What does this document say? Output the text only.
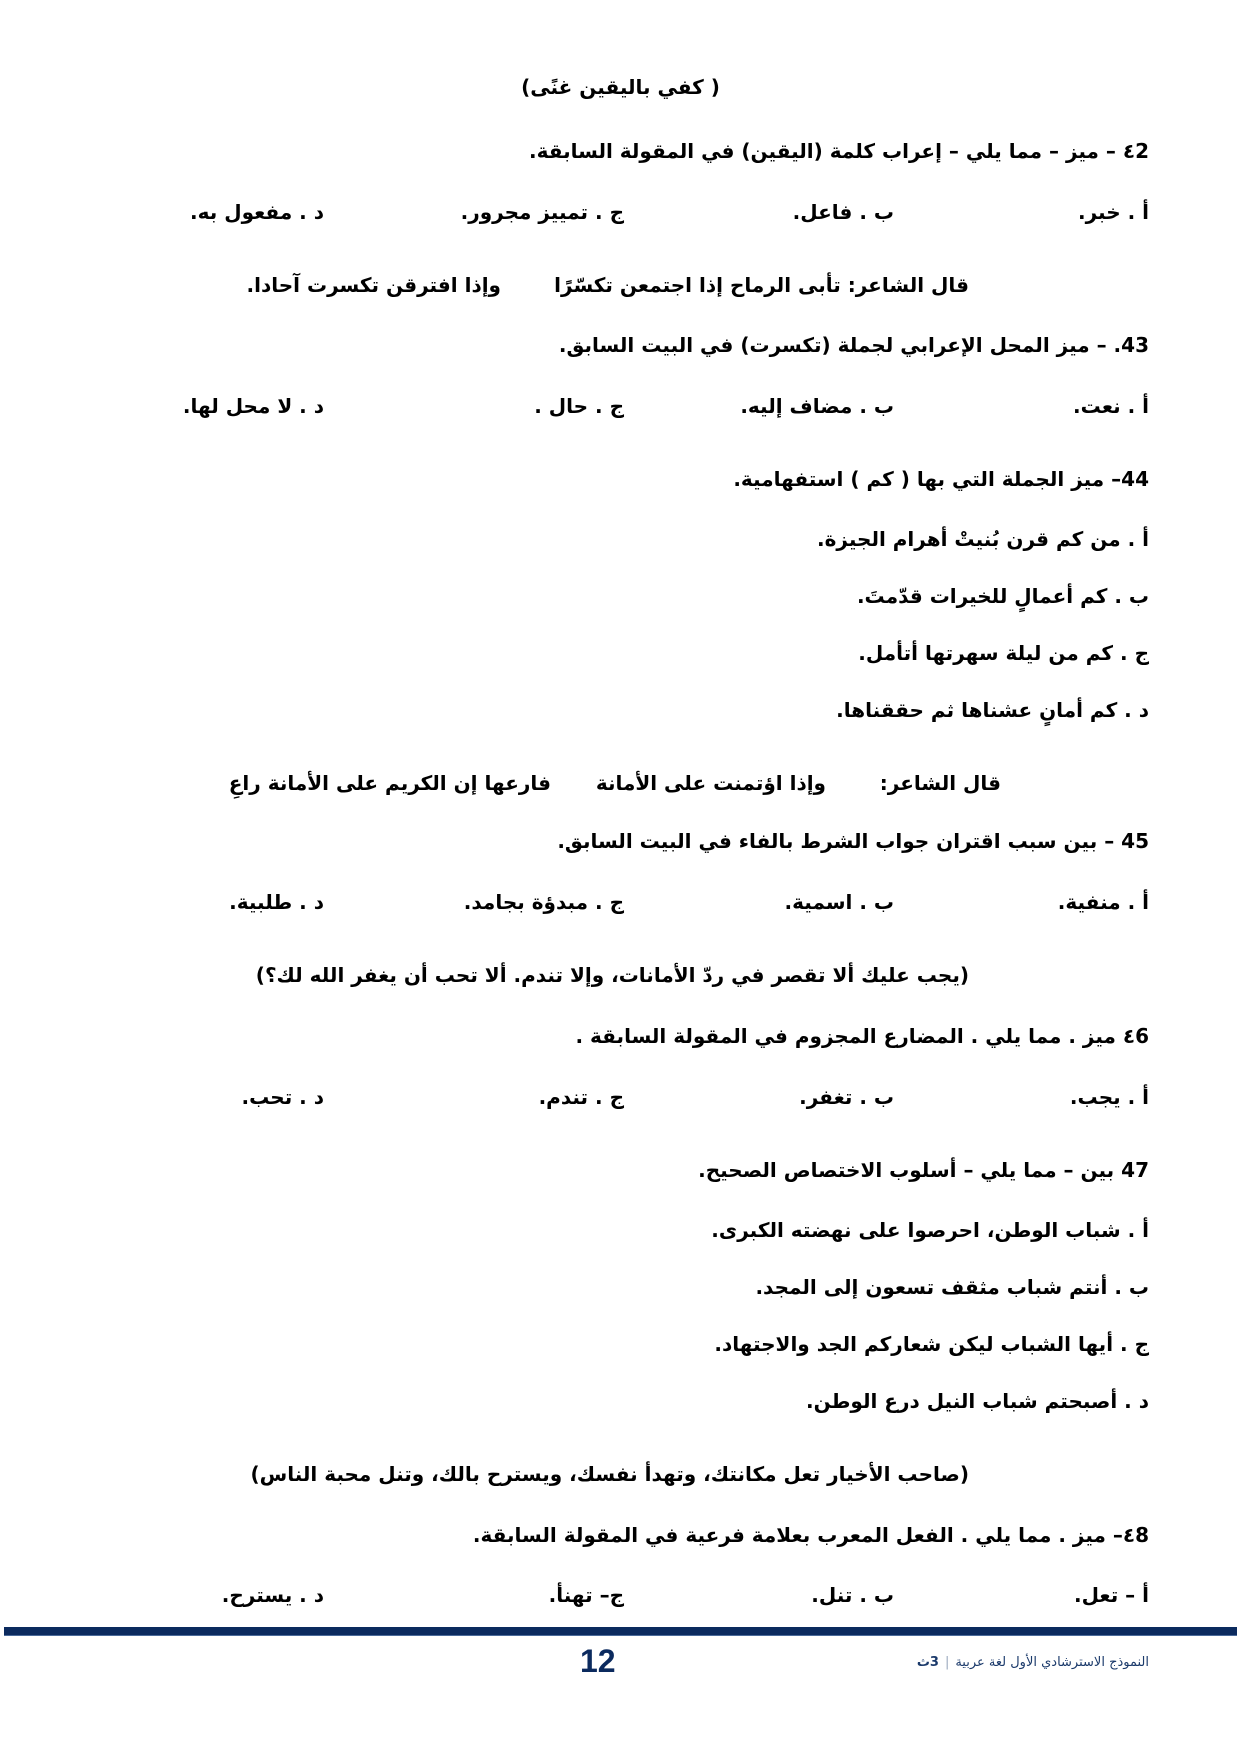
( كفي باليقين غنًى)
٤2 – ميز – مما يلي – إعراب كلمة (اليقين) في المقولة السابقة.
أ . خبر.
ب . فاعل.
ج . تمييز مجرور.
د . مفعول به.
قال الشاعر: تأبى الرماح إذا اجتمعن تكسّرًا
وإذا افترقن تكسرت آحادا.
43. – ميز المحل الإعرابي لجملة (تكسرت) في البيت السابق.
أ . نعت.
ب . مضاف إليه.
ج . حال .
د . لا محل لها.
44– ميز الجملة التي بها ( كم ) استفهامية.
أ . من كم قرن بُنيتْ أهرام الجيزة.
ب . كم أعمالٍ للخيرات قدّمتَ.
ج . كم من ليلة سهرتها أتأمل.
د . كم أمانٍ عشناها ثم حققناها.
قال الشاعر:
وإذا اؤتمنت على الأمانة
فارعها إن الكريم على الأمانة راعِ
45 – بين سبب اقتران جواب الشرط بالفاء في البيت السابق.
أ . منفية.
ب . اسمية.
ج . مبدؤة بجامد.
د . طلبية.
(يجب عليك ألا تقصر في ردّ الأمانات، وإلا تندم. ألا تحب أن يغفر الله لك؟)
٤6 ميز . مما يلي . المضارع المجزوم في المقولة السابقة .
أ . يجب.
ب . تغفر.
ج . تندم.
د . تحب.
47 بين – مما يلي – أسلوب الاختصاص الصحيح.
أ . شباب الوطن، احرصوا على نهضته الكبرى.
ب . أنتم شباب مثقف تسعون إلى المجد.
ج . أيها الشباب ليكن شعاركم الجد والاجتهاد.
د . أصبحتم شباب النيل درع الوطن.
(صاحب الأخيار تعل مكانتك، وتهدأ نفسك، ويسترح بالك، وتنل محبة الناس)
٤8– ميز . مما يلي . الفعل المعرب بعلامة فرعية في المقولة السابقة.
أ – تعل.
ب . تنل.
ج– تهنأ.
د . يسترح.
12	النموذج الاسترشادي الأول لغة عربية|3ث
